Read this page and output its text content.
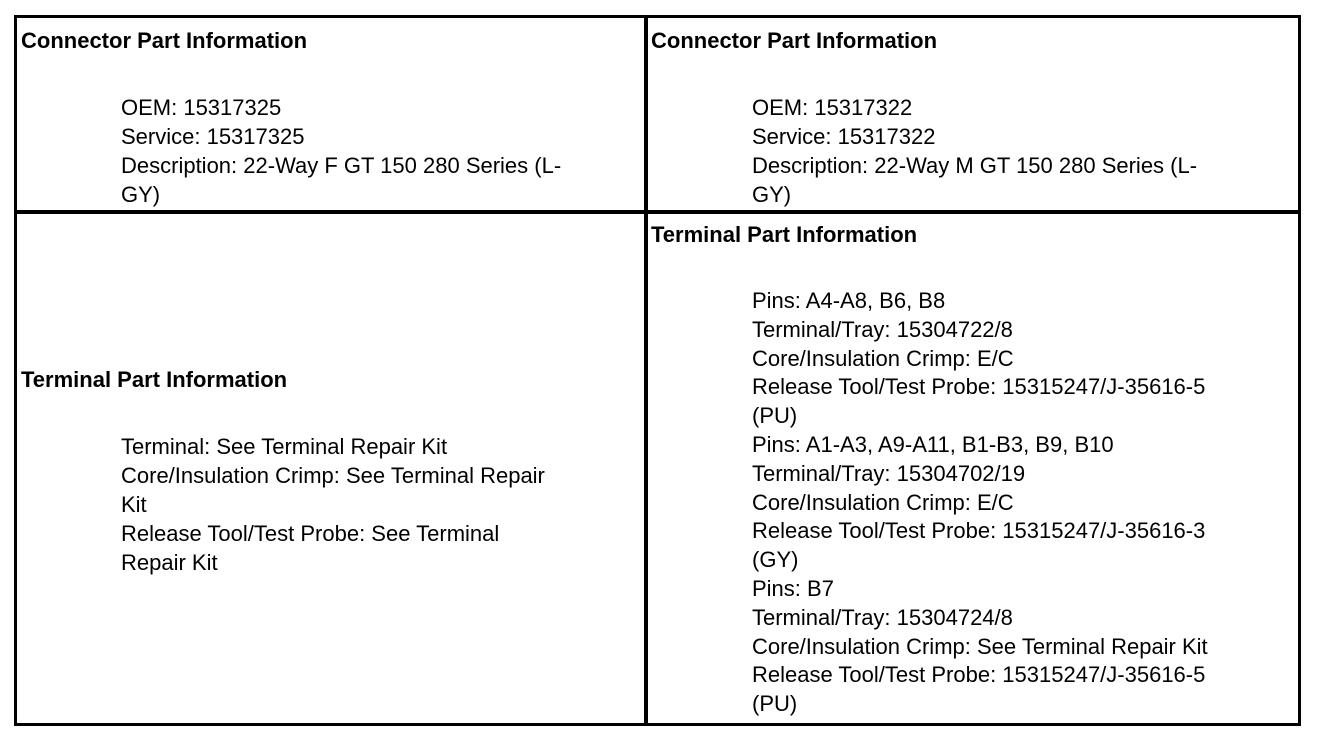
Connector Part Information
OEM: 15317325
Service: 15317325
Description: 22-Way F GT 150 280 Series (L-
GY)
Connector Part Information
OEM: 15317322
Service: 15317322
Description: 22-Way M GT 150 280 Series (L-
GY)
Terminal Part Information
Terminal: See Terminal Repair Kit
Core/Insulation Crimp: See Terminal Repair
Kit
Release Tool/Test Probe: See Terminal
Repair Kit
Terminal Part Information
Pins: A4-A8, B6, B8
Terminal/Tray: 15304722/8
Core/Insulation Crimp: E/C
Release Tool/Test Probe: 15315247/J-35616-5
(PU)
Pins: A1-A3, A9-A11, B1-B3, B9, B10
Terminal/Tray: 15304702/19
Core/Insulation Crimp: E/C
Release Tool/Test Probe: 15315247/J-35616-3
(GY)
Pins: B7
Terminal/Tray: 15304724/8
Core/Insulation Crimp: See Terminal Repair Kit
Release Tool/Test Probe: 15315247/J-35616-5
(PU)
